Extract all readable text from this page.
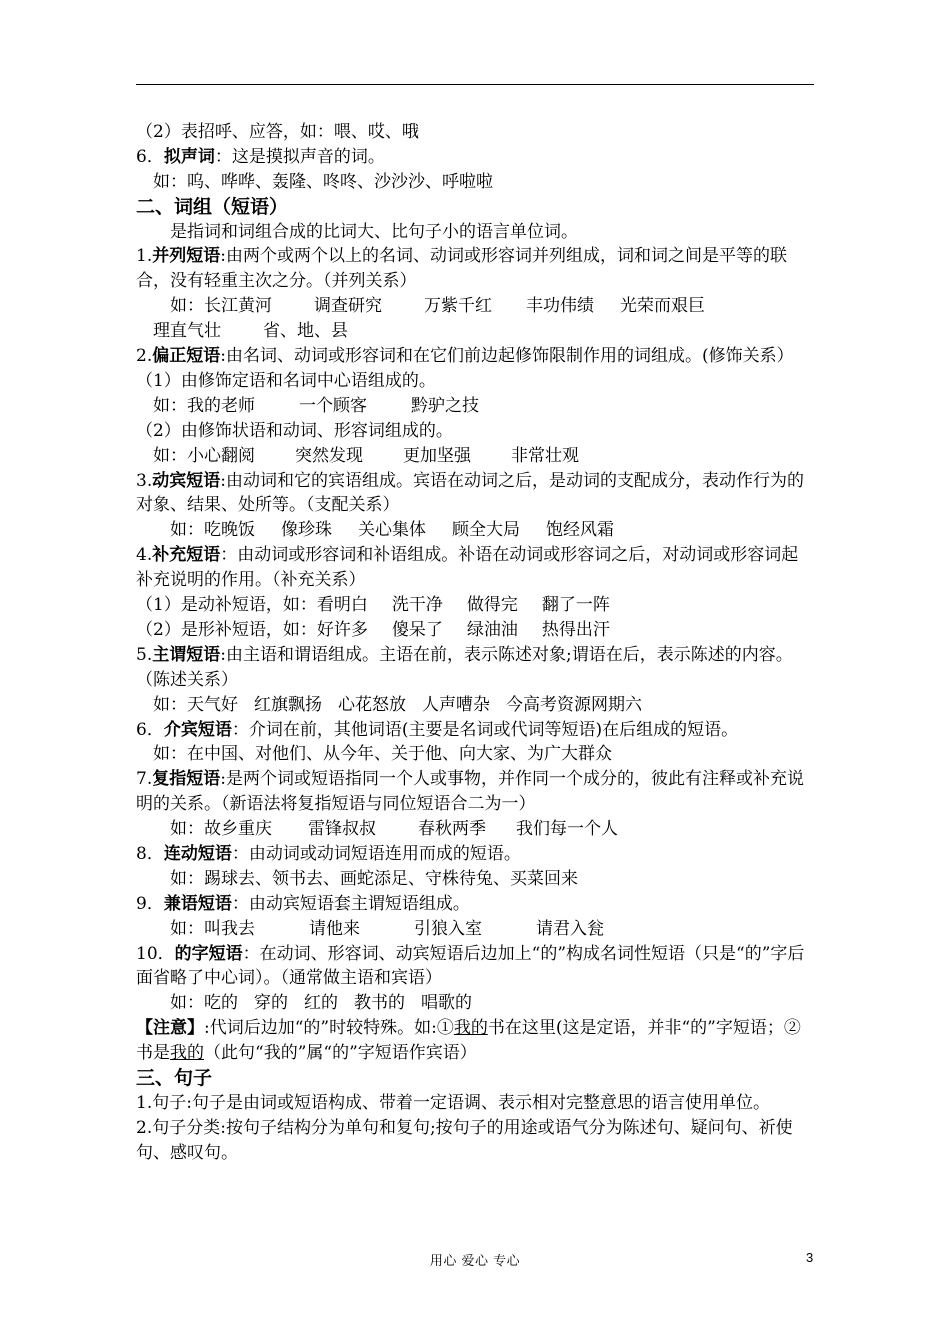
（2）表招呼、应答，如：喂、哎、哦
6．拟声词：这是摸拟声音的词。
　如：呜、哗哗、轰隆、咚咚、沙沙沙、呼啦啦
二、词组（短语）
　　是指词和词组合成的比词大、比句子小的语言单位词。
1.并列短语:由两个或两个以上的名词、动词或形容词并列组成，词和词之间是平等的联合，没有轻重主次之分。（并列关系）
　　如：长江黄河 调查研究 万紫千红 丰功伟绩 光荣而艰巨
　理直气壮 省、地、县
2.偏正短语:由名词、动词或形容词和在它们前边起修饰限制作用的词组成。(修饰关系）
（1）由修饰定语和名词中心语组成的。
　如：我的老师	一个顾客	黔驴之技
（2）由修饰状语和动词、形容词组成的。
　如：小心翻阅 突然发现 更加坚强 非常壮观
3.动宾短语:由动词和它的宾语组成。宾语在动词之后，是动词的支配成分，表动作行为的对象、结果、处所等。（支配关系）
　　如：吃晚饭 像珍珠 关心集体 顾全大局 饱经风霜
4.补充短语：由动词或形容词和补语组成。补语在动词或形容词之后，对动词或形容词起补充说明的作用。（补充关系）
（1）是动补短语，如：看明白 洗干净 做得完 翻了一阵
（2）是形补短语，如：好许多 傻呆了 绿油油 热得出汗
5.主谓短语:由主语和谓语组成。主语在前，表示陈述对象;谓语在后，表示陈述的内容。（陈述关系）
　如：天气好 红旗飘扬 心花怒放 人声嘈杂 今高考资源网期六
6．介宾短语：介词在前，其他词语(主要是名词或代词等短语)在后组成的短语。
　如：在中国、对他们、从今年、关于他、向大家、为广大群众
7.复指短语:是两个词或短语指同一个人或事物，并作同一个成分的，彼此有注释或补充说明的关系。（新语法将复指短语与同位短语合二为一）
　　如：故乡重庆 雷锋叔叔 春秋两季 我们每一个人
8．连动短语：由动词或动词短语连用而成的短语。
　　如：踢球去、领书去、画蛇添足、守株待兔、买菜回来
9．兼语短语：由动宾短语套主谓短语组成。
　　如：叫我去	请他来	引狼入室	请君入瓮
10．的字短语：在动词、形容词、动宾短语后边加上“的”构成名词性短语（只是“的”字后面省略了中心词）。（通常做主语和宾语）
　　如：吃的 穿的 红的 教书的 唱歌的
【注意】:代词后边加“的”时较特殊。如:①我的书在这里(这是定语，并非“的”字短语；②书是我的（此句“我的”属“的”字短语作宾语）
三、句子
1.句子:句子是由词或短语构成、带着一定语调、表示相对完整意思的语言使用单位。
2.句子分类:按句子结构分为单句和复句;按句子的用途或语气分为陈述句、疑问句、祈使句、感叹句。
用心 爱心 专心	3
